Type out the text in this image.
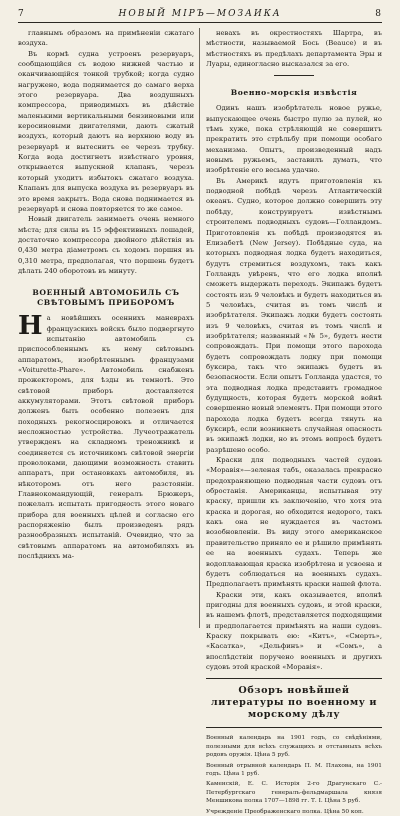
7	НОВЫЙ МІРЪ—МОЗАИКА	8

главнымъ образомъ на примѣненіи сжатаго воздуха.

Въ кормѣ судна устроенъ резервуаръ, сообщающійся съ водою нижней частью и оканчивающійся тонкой трубкой; когда судно нагружено, вода поднимается до самаго верха этого резервуара. Два воздушныхъ компрессора, приводимыхъ въ дѣйствіе маленькими вертикальными бензиновыми или керосиновыми двигателями, дають сжатый воздухъ, который даютъ на верхнюю воду въ резервуарѣ и вытеснитъ ее черезъ трубку. Когда вода достигнетъ извѣстнаго уровня, открывается выпускной клапанъ, черезъ который уходитъ избытокъ сжатаго воздуха. Клапанъ для выпуска воздуха въ резервуаръ въ это время закрытъ. Вода снова поднимается въ резервуарѣ и снова повторяется то же самое.

Новый двигатель занимаетъ очень немного мѣста; для силы въ 15 эффективныхъ лошадей, достаточно компрессора двойного дѣйствія въ 0,430 метра діаметромъ съ ходомъ поршня въ 0,310 метра, предполагая, что поршень будетъ дѣлать 240 оборотовъ въ минуту.

ВОЕННЫЙ АВТОМОБИЛЬ СЪ СВѢТОВЫМЪ ПРИБОРОМЪ

На новѣйшихъ осеннихъ маневрахъ французскихъ войскъ было подвергнуто испытанію автомобиль съ приспособленнымъ къ нему свѣтовымъ аппаратомъ, изобрѣтеннымъ французами «Voiturette-Phare». Автомобиль снабженъ прожекторомъ, для ѣзды въ темнотѣ. Это свѣтовой приборъ доставляется аккумуляторами. Этотъ свѣтовой приборъ долженъ быть особенно полезенъ для походныхъ рекогносцировокъ и отличается несложностью устройства. Лучеотражатель утвержденъ на складномъ треножникѣ и соединяется съ источникомъ свѣтовой энергіи проволоками, дающими возможность ставить аппаратъ, при остановкахъ автомобиля, въ нѣкоторомъ отъ него разстояніи. Главнокомандующій, генералъ Брюжеръ, пожелалъ испытать пригодность этого новаго прибора для военныхъ цѣлей и согласно его распоряженію былъ произведенъ рядъ разнообразныхъ испытаній. Очевидно, что за свѣтовымъ аппаратомъ на автомобиляхъ въ послѣднихъ ма-

невахъ въ окрестностяхъ Шартра, въ мѣстности, называемой Бось (Beauce) и въ мѣстностяхъ въ предѣлахъ департамента Эры и Луары, единогласно высказался за его.

Военно-морскія извѣстія

Одинъ нашъ изобрѣтатель новое ружье, выпускающее очень быстро пулю за пулей, но тѣмъ хуже, пока стрѣляющій не совершитъ прекратить это стрѣльбу при помощи особаго механизма. Опытъ, произведенный надъ новымъ ружьемъ, заставилъ думать, что изобрѣтеніе его весьма удачно.

Въ Америкѣ идутъ приготовленія къ подводной побѣдѣ черезъ Атлантическій океанъ. Судно, которое должно совершить эту побѣду, конструируетъ извѣстнымъ строителемъ подводныхъ судовъ—Голландомъ. Приготовленія къ побѣдѣ производятся въ Елизабетѣ (New Jersey). Побѣдные суда, на которыхъ подводная лодка будетъ находиться, будутъ стремиться воздухомъ, такъ какъ Голландъ увѣренъ, что его лодка вполнѣ сможетъ выдержать переходъ. Экипажъ будетъ состоять изъ 9 человѣкъ и будетъ находиться въ 5 человѣкъ, считая въ томъ числѣ и изобрѣтателя. Экипажъ лодки будетъ состоять изъ 9 человѣкъ, считая въ томъ числѣ и изобрѣтателя; названный «№ 5», будетъ нести сопровождать. При помощи этого парохода будетъ сопровождать лодку при помощи буксира, такъ что экипажъ будетъ въ безопасности. Если опытъ Голланда удастся, то эта подводная лодка представитъ громадное будущность, которая будетъ морской войнѣ совершенно новый элементъ. При помощи этого парохода лодка будетъ всегда тянуть на буксирѣ, если возникнетъ случайная опасность въ экипажѣ лодки, но въ этомъ вопросѣ будетъ разрѣшено особо.

Краски для подводныхъ частей судовъ «Моравія»—зеленая табъ, оказалась прекрасно предохраняющею подводныя части судовъ отъ обростанія. Американцы, испытывая эту краску, пришли къ заключенію, что хотя эта краска и дорогая, но обходится недорого, такъ какъ она не нуждается въ частомъ возобновленіи. Въ виду этого американское правительство приняло ее и рѣшило примѣнять ее на военныхъ судахъ. Теперь же водоплавающая краска изобрѣтена и усвоена и будетъ соблюдаться на военныхъ судахъ. Предполагаетъ примѣнять краски нашей флота.

Краски эти, какъ оказывается, вполнѣ пригодны для военныхъ судовъ, и этой краски, въ нашемъ флотѣ, представляется подходящими и предполагается примѣнять на наши судовъ. Краску покрывать ею: «Китъ», «Смерть», «Касатка», «Дельфинъ» и «Сомъ», а впослѣдствіи поручено военныхъ и другихъ судовъ этой краской «Моравія».

Обзоръ новѣйшей литературы по военному и морскому дѣлу

Военный календарь на 1901 годъ, со свѣдѣніями, полезными для всѣхъ служащихъ и отставныхъ всѣхъ родовъ оружія. Цѣна 5 руб.

Военный отрывной календарь П. М. Плахова, на 1901 годъ. Цѣна 1 руб.

Каменскій, Е. С. Исторія 2-го Драгунскаго С.-Петербургскаго генералъ-фельдмаршала князя Меншикова полка 1707—1898 гг. Т. I. Цѣна 5 руб.

Учрежденіе Преображенскаго полка. Цѣна 50 коп.
